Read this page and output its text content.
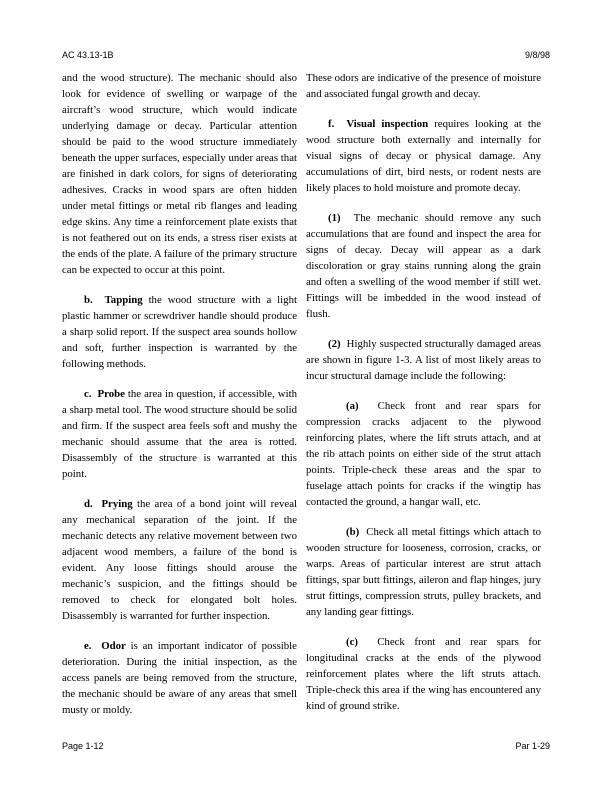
AC 43.13-1B	9/8/98

and the wood structure). The mechanic should also look for evidence of swelling or warpage of the aircraft’s wood structure, which would indicate underlying damage or decay. Particular attention should be paid to the wood structure immediately beneath the upper surfaces, especially under areas that are finished in dark colors, for signs of deteriorating adhesives. Cracks in wood spars are often hidden under metal fittings or metal rib flanges and leading edge skins. Any time a reinforcement plate exists that is not feathered out on its ends, a stress riser exists at the ends of the plate. A failure of the primary structure can be expected to occur at this point.

b. Tapping the wood structure with a light plastic hammer or screwdriver handle should produce a sharp solid report. If the suspect area sounds hollow and soft, further inspection is warranted by the following methods.

c. Probe the area in question, if accessible, with a sharp metal tool. The wood structure should be solid and firm. If the suspect area feels soft and mushy the mechanic should assume that the area is rotted. Disassembly of the structure is warranted at this point.

d. Prying the area of a bond joint will reveal any mechanical separation of the joint. If the mechanic detects any relative movement between two adjacent wood members, a failure of the bond is evident. Any loose fittings should arouse the mechanic’s suspicion, and the fittings should be removed to check for elongated bolt holes. Disassembly is warranted for further inspection.

e. Odor is an important indicator of possible deterioration. During the initial inspection, as the access panels are being removed from the structure, the mechanic should be aware of any areas that smell musty or moldy.

These odors are indicative of the presence of moisture and associated fungal growth and decay.

f. Visual inspection requires looking at the wood structure both externally and internally for visual signs of decay or physical damage. Any accumulations of dirt, bird nests, or rodent nests are likely places to hold moisture and promote decay.

(1) The mechanic should remove any such accumulations that are found and inspect the area for signs of decay. Decay will appear as a dark discoloration or gray stains running along the grain and often a swelling of the wood member if still wet. Fittings will be imbedded in the wood instead of flush.

(2) Highly suspected structurally damaged areas are shown in figure 1-3. A list of most likely areas to incur structural damage include the following:

(a) Check front and rear spars for compression cracks adjacent to the plywood reinforcing plates, where the lift struts attach, and at the rib attach points on either side of the strut attach points. Triple-check these areas and the spar to fuselage attach points for cracks if the wingtip has contacted the ground, a hangar wall, etc.

(b) Check all metal fittings which attach to wooden structure for looseness, corrosion, cracks, or warps. Areas of particular interest are strut attach fittings, spar butt fittings, aileron and flap hinges, jury strut fittings, compression struts, pulley brackets, and any landing gear fittings.

(c) Check front and rear spars for longitudinal cracks at the ends of the plywood reinforcement plates where the lift struts attach. Triple-check this area if the wing has encountered any kind of ground strike.

Page 1-12	Par 1-29
